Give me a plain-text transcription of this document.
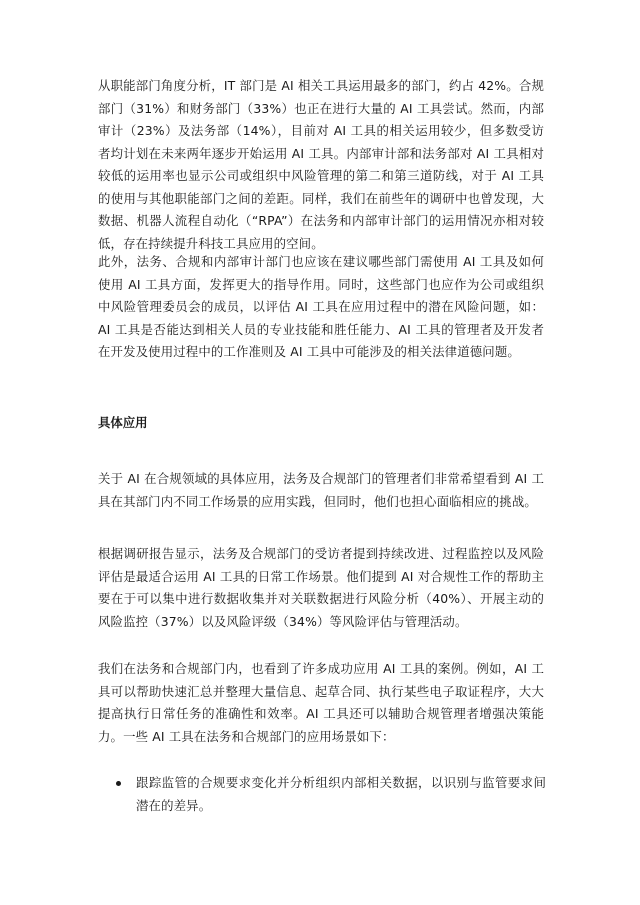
从职能部门角度分析，IT 部门是 AI 相关工具运用最多的部门，约占 42%。合规部门（31%）和财务部门（33%）也正在进行大量的 AI 工具尝试。然而，内部审计（23%）及法务部（14%），目前对 AI 工具的相关运用较少，但多数受访者均计划在未来两年逐步开始运用 AI 工具。内部审计部和法务部对 AI 工具相对较低的运用率也显示公司或组织中风险管理的第二和第三道防线，对于 AI 工具的使用与其他职能部门之间的差距。同样，我们在前些年的调研中也曾发现，大数据、机器人流程自动化（“RPA”）在法务和内部审计部门的运用情况亦相对较低，存在持续提升科技工具应用的空间。

此外，法务、合规和内部审计部门也应该在建议哪些部门需使用 AI 工具及如何使用 AI 工具方面，发挥更大的指导作用。同时，这些部门也应作为公司或组织中风险管理委员会的成员，以评估 AI 工具在应用过程中的潜在风险问题，如：AI 工具是否能达到相关人员的专业技能和胜任能力、AI 工具的管理者及开发者在开发及使用过程中的工作准则及 AI 工具中可能涉及的相关法律道德问题。

具体应用

关于 AI 在合规领域的具体应用，法务及合规部门的管理者们非常希望看到 AI 工具在其部门内不同工作场景的应用实践，但同时，他们也担心面临相应的挑战。

根据调研报告显示，法务及合规部门的受访者提到持续改进、过程监控以及风险评估是最适合运用 AI 工具的日常工作场景。他们提到 AI 对合规性工作的帮助主要在于可以集中进行数据收集并对关联数据进行风险分析（40%）、开展主动的风险监控（37%）以及风险评级（34%）等风险评估与管理活动。

我们在法务和合规部门内，也看到了许多成功应用 AI 工具的案例。例如，AI 工具可以帮助快速汇总并整理大量信息、起草合同、执行某些电子取证程序，大大提高执行日常任务的准确性和效率。AI 工具还可以辅助合规管理者增强决策能力。一些 AI 工具在法务和合规部门的应用场景如下：

跟踪监管的合规要求变化并分析组织内部相关数据，以识别与监管要求间潜在的差异。
